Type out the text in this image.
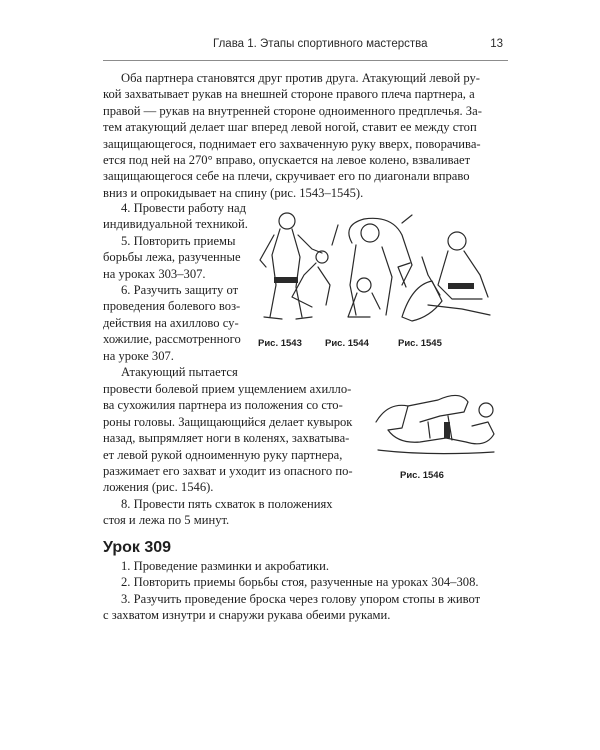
Глава 1. Этапы спортивного мастерства	13
Оба партнера становятся друг против друга. Атакующий левой ру-
кой захватывает рукав на внешней стороне правого плеча партнера, а
правой — рукав на внутренней стороне одноименного предплечья. За-
тем атакующий делает шаг вперед левой ногой, ставит ее между стоп
защищающегося, поднимает его захваченную руку вверх, поворачива-
ется под ней на 270° вправо, опускается на левое колено, взваливает
защищающегося себе на плечи, скручивает его по диагонали вправо
вниз и опрокидывает на спину (рис. 1543–1545).
4. Провести работу над
индивидуальной техникой.
5. Повторить приемы
борьбы лежа, разученные
на уроках 303–307.
6. Разучить защиту от
проведения болевого воз-
действия на ахиллово су-
хожилие, рассмотренного
на уроке 307.
Атакующий пытается
Рис. 1543 Рис. 1544	Рис. 1545
провести болевой прием ущемлением ахилло-
ва сухожилия партнера из положения со сто-
роны головы. Защищающийся делает кувырок
назад, выпрямляет ноги в коленях, захватыва-
ет левой рукой одноименную руку партнера,
разжимает его захват и уходит из опасного по-
ложения (рис. 1546).
8. Провести пять схваток в положениях
стоя и лежа по 5 минут.
Рис. 1546
Урок 309
1. Проведение разминки и акробатики.
2. Повторить приемы борьбы стоя, разученные на уроках 304–308.
3. Разучить проведение броска через голову упором стопы в живот
с захватом изнутри и снаружи рукава обеими руками.
